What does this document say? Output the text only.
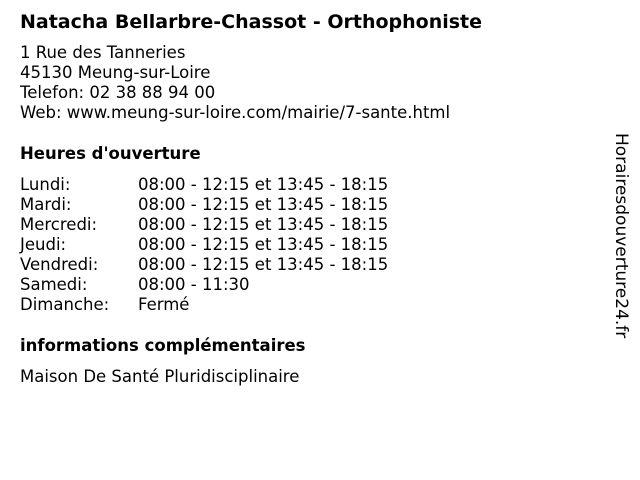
Natacha Bellarbre-Chassot - Orthophoniste
1 Rue des Tanneries
45130 Meung-sur-Loire
Telefon: 02 38 88 94 00
Web: www.meung-sur-loire.com/mairie/7-sante.html
Heures d'ouverture
Lundi:	08:00 - 12:15 et 13:45 - 18:15
Mardi:	08:00 - 12:15 et 13:45 - 18:15
Mercredi:	08:00 - 12:15 et 13:45 - 18:15
Jeudi:	08:00 - 12:15 et 13:45 - 18:15
Vendredi:	08:00 - 12:15 et 13:45 - 18:15
Samedi:	08:00 - 11:30
Dimanche:	Fermé
informations complémentaires
Maison De Santé Pluridisciplinaire
Horairesdouverture24.fr
